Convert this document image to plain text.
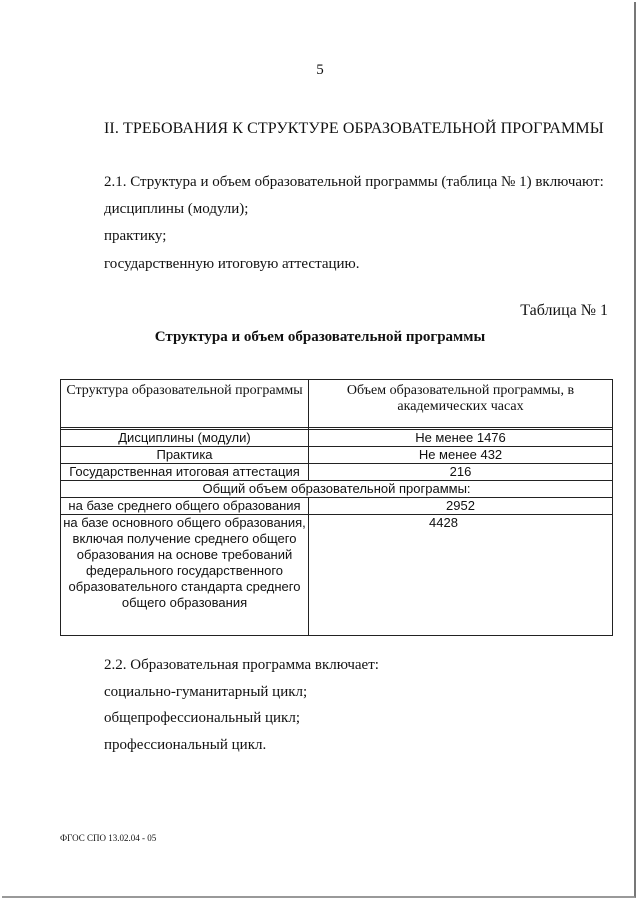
5
II. ТРЕБОВАНИЯ К СТРУКТУРЕ ОБРАЗОВАТЕЛЬНОЙ ПРОГРАММЫ
2.1. Структура и объем образовательной программы (таблица № 1) включают:
дисциплины (модули);
практику;
государственную итоговую аттестацию.
Таблица № 1
Структура и объем образовательной программы
Структура образовательной программы	Объем образовательной программы, в академических часах

Дисциплины (модули)	Не менее 1476
Практика	Не менее 432
Государственная итоговая аттестация	216
Общий объем образовательной программы:	
на базе среднего общего образования	2952
на базе основного общего образования, включая получение среднего общего образования на основе требований федерального государственного образовательного стандарта среднего общего образования	4428
2.2. Образовательная программа включает:
социально-гуманитарный цикл;
общепрофессиональный цикл;
профессиональный цикл.
ФГОС СПО 13.02.04 - 05
